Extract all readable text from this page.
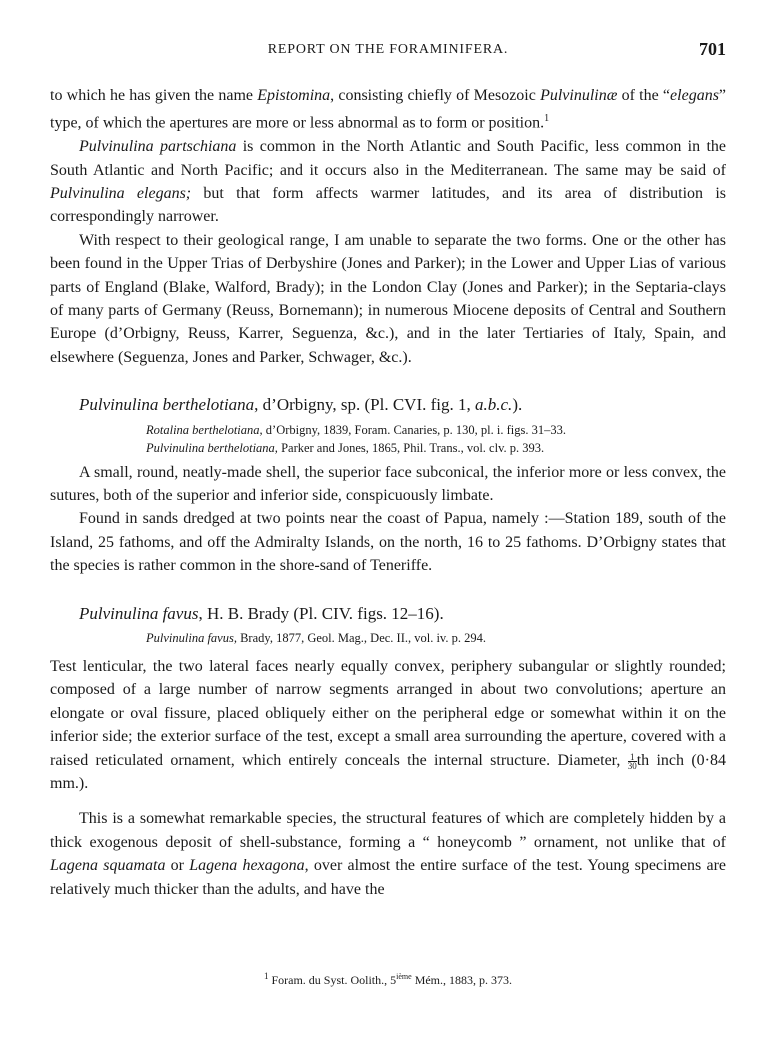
REPORT ON THE FORAMINIFERA.	701

to which he has given the name Epistomina, consisting chiefly of Mesozoic Pulvinulinæ of the “elegans” type, of which the apertures are more or less abnormal as to form or position.$^1$

Pulvinulina partschiana is common in the North Atlantic and South Pacific, less common in the South Atlantic and North Pacific; and it occurs also in the Mediterranean. The same may be said of Pulvinulina elegans; but that form affects warmer latitudes, and its area of distribution is correspondingly narrower.

With respect to their geological range, I am unable to separate the two forms. One or the other has been found in the Upper Trias of Derbyshire (Jones and Parker); in the Lower and Upper Lias of various parts of England (Blake, Walford, Brady); in the London Clay (Jones and Parker); in the Septaria-clays of many parts of Germany (Reuss, Bornemann); in numerous Miocene deposits of Central and Southern Europe (d’Orbigny, Reuss, Karrer, Seguenza, &c.), and in the later Tertiaries of Italy, Spain, and elsewhere (Seguenza, Jones and Parker, Schwager, &c.).

Pulvinulina berthelotiana, d’Orbigny, sp. (Pl. CVI. fig. 1, a.b.c.).

Rotalina berthelotiana, d’Orbigny, 1839, Foram. Canaries, p. 130, pl. i. figs. 31–33.

Pulvinulina berthelotiana, Parker and Jones, 1865, Phil. Trans., vol. clv. p. 393.

A small, round, neatly-made shell, the superior face subconical, the inferior more or less convex, the sutures, both of the superior and inferior side, conspicuously limbate.

Found in sands dredged at two points near the coast of Papua, namely :—Station 189, south of the Island, 25 fathoms, and off the Admiralty Islands, on the north, 16 to 25 fathoms. D’Orbigny states that the species is rather common in the shore-sand of Teneriffe.

Pulvinulina favus, H. B. Brady (Pl. CIV. figs. 12–16).

Pulvinulina favus, Brady, 1877, Geol. Mag., Dec. II., vol. iv. p. 294.

Test lenticular, the two lateral faces nearly equally convex, periphery subangular or slightly rounded; composed of a large number of narrow segments arranged in about two convolutions; aperture an elongate or oval fissure, placed obliquely either on the peripheral edge or somewhat within it on the inferior side; the exterior surface of the test, except a small area surrounding the aperture, covered with a raised reticulated ornament, which entirely conceals the internal structure. Diameter, $\frac{1}{30}$ th inch (0·84 mm.).

This is a somewhat remarkable species, the structural features of which are completely hidden by a thick exogenous deposit of shell-substance, forming a “ honeycomb ” ornament, not unlike that of Lagena squamata or Lagena hexagona, over almost the entire surface of the test. Young specimens are relatively much thicker than the adults, and have the

$^1$ Foram. du Syst. Oolith., 5ième Mém., 1883, p. 373.
